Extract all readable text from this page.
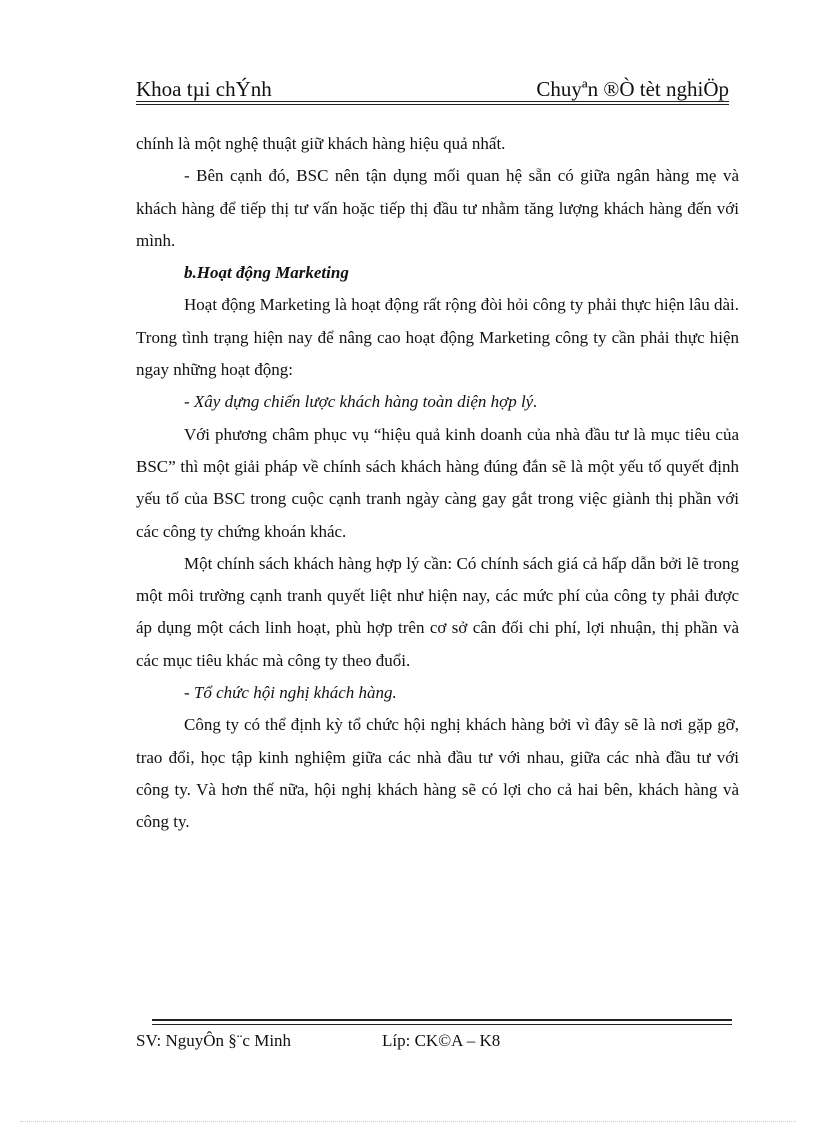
Khoa tµi chÝnh	Chuyªn ®Ò tèt nghiÖp

chính là một nghệ thuật giữ khách hàng hiệu quả nhất.

- Bên cạnh đó, BSC nên tận dụng mối quan hệ sẵn có giữa ngân hàng mẹ và khách hàng để tiếp thị tư vấn hoặc tiếp thị đầu tư nhằm tăng lượng khách hàng đến với mình.

b.Hoạt động Marketing

Hoạt động Marketing là hoạt động rất rộng đòi hỏi công ty phải thực hiện lâu dài. Trong tình trạng hiện nay để nâng cao hoạt động Marketing công ty cần phải thực hiện ngay những hoạt động:

- Xây dựng chiến lược khách hàng toàn diện hợp lý.

Với phương châm phục vụ “hiệu quả kinh doanh của nhà đầu tư là mục tiêu của BSC” thì một giải pháp về chính sách khách hàng đúng đắn sẽ là một yếu tố quyết định yếu tố của BSC trong cuộc cạnh tranh ngày càng gay gắt trong việc giành thị phần với các công ty chứng khoán khác.

Một chính sách khách hàng hợp lý cần: Có chính sách giá cả hấp dẫn bởi lẽ trong một môi trường cạnh tranh quyết liệt như hiện nay, các mức phí của công ty phải được áp dụng một cách linh hoạt, phù hợp trên cơ sở cân đối chi phí, lợi nhuận, thị phần và các mục tiêu khác mà công ty theo đuổi.

- Tổ chức hội nghị khách hàng.

Công ty có thể định kỳ tổ chức hội nghị khách hàng bởi vì đây sẽ là nơi gặp gỡ, trao đổi, học tập kinh nghiệm giữa các nhà đầu tư với nhau, giữa các nhà đầu tư với công ty. Và hơn thế nữa, hội nghị khách hàng sẽ có lợi cho cả hai bên, khách hàng và công ty.

SV: NguyÔn §¨c Minh	Líp: CK©A – K8
